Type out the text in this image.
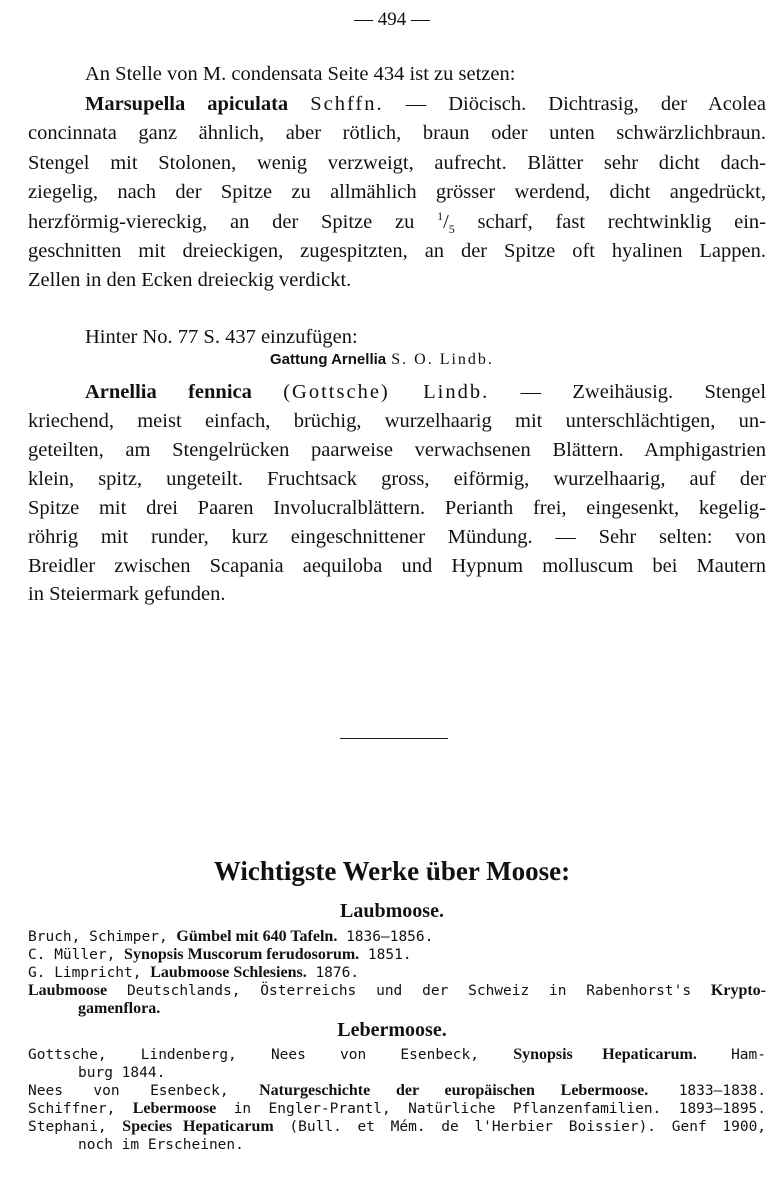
— 494 —
An Stelle von M. condensata Seite 434 ist zu setzen:
Marsupella apiculata Schffn. — Diöcisch. Dichtrasig, der Acolea
concinnata ganz ähnlich, aber rötlich, braun oder unten schwärzlichbraun.
Stengel mit Stolonen, wenig verzweigt, aufrecht. Blätter sehr dicht dach-
ziegelig, nach der Spitze zu allmählich grösser werdend, dicht angedrückt,
herzförmig-viereckig, an der Spitze zu $^1/_5$ scharf, fast rechtwinklig ein-
geschnitten mit dreieckigen, zugespitzten, an der Spitze oft hyalinen Lappen.
Zellen in den Ecken dreieckig verdickt.
Hinter No. 77 S. 437 einzufügen:
Gattung Arnellia S. O. Lindb.
Arnellia fennica (Gottsche) Lindb. — Zweihäusig. Stengel
kriechend, meist einfach, brüchig, wurzelhaarig mit unterschlächtigen, un-
geteilten, am Stengelrücken paarweise verwachsenen Blättern. Amphigastrien
klein, spitz, ungeteilt. Fruchtsack gross, eiförmig, wurzelhaarig, auf der
Spitze mit drei Paaren Involucralblättern. Perianth frei, eingesenkt, kegelig-
röhrig mit runder, kurz eingeschnittener Mündung. — Sehr selten: von
Breidler zwischen Scapania aequiloba und Hypnum molluscum bei Mautern
in Steiermark gefunden.
Wichtigste Werke über Moose:
Laubmoose.
Bruch, Schimper, Gümbel mit 640 Tafeln. 1836—1856.
C. Müller, Synopsis Muscorum ferudosorum. 1851.
G. Limpricht, Laubmoose Schlesiens. 1876.
Laubmoose Deutschlands, Österreichs und der Schweiz in Rabenhorst's Krypto-
gamenflora.
Lebermoose.
Gottsche, Lindenberg, Nees von Esenbeck, Synopsis Hepaticarum. Ham-
burg 1844.
Nees von Esenbeck, Naturgeschichte der europäischen Lebermoose. 1833—1838.
Schiffner, Lebermoose in Engler-Prantl, Natürliche Pflanzenfamilien. 1893—1895.
Stephani, Species Hepaticarum (Bull. et Mém. de l'Herbier Boissier). Genf 1900,
noch im Erscheinen.
